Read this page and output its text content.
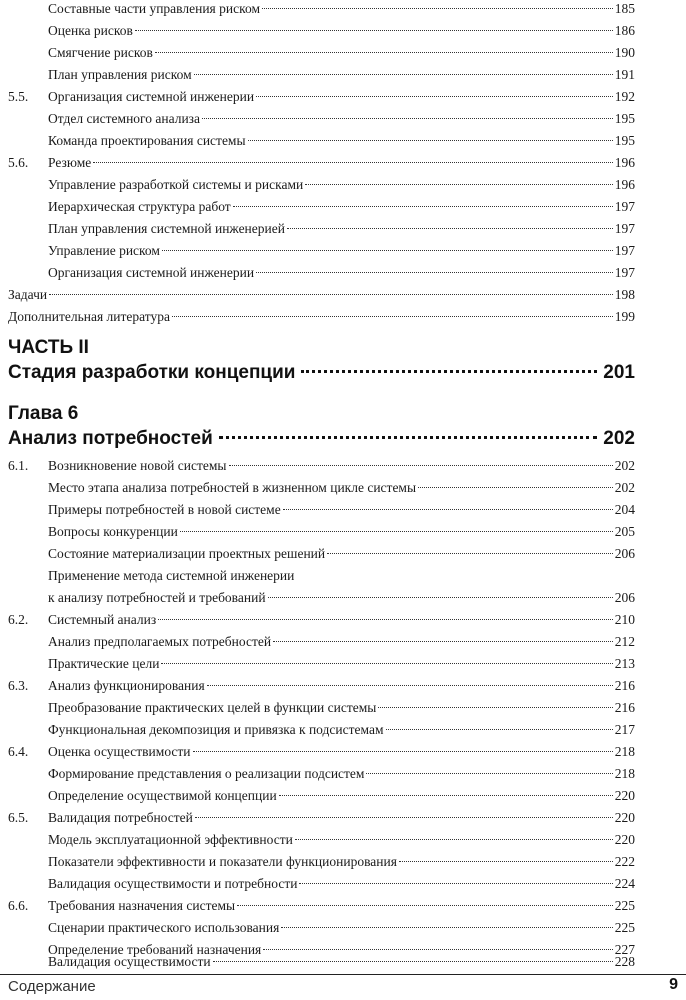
Составные части управления риском	185
Оценка рисков	186
Смягчение рисков	190
План управления риском	191
5.5. Организация системной инженерии	192
Отдел системного анализа	195
Команда проектирования системы	195
5.6. Резюме	196
Управление разработкой системы и рисками	196
Иерархическая структура работ	197
План управления системной инженерией	197
Управление риском	197
Организация системной инженерии	197
Задачи	198
Дополнительная литература	199
ЧАСТЬ II
Стадия разработки концепции	201
Глава 6
Анализ потребностей	202
6.1. Возникновение новой системы	202
Место этапа анализа потребностей в жизненном цикле системы	202
Примеры потребностей в новой системе	204
Вопросы конкуренции	205
Состояние материализации проектных решений	206
Применение метода системной инженерии
к анализу потребностей и требований	206
6.2. Системный анализ	210
Анализ предполагаемых потребностей	212
Практические цели	213
6.3. Анализ функционирования	216
Преобразование практических целей в функции системы	216
Функциональная декомпозиция и привязка к подсистемам	217
6.4. Оценка осуществимости	218
Формирование представления о реализации подсистем	218
Определение осуществимой концепции	220
6.5. Валидация потребностей	220
Модель эксплуатационной эффективности	220
Показатели эффективности и показатели функционирования	222
Валидация осуществимости и потребности	224
6.6. Требования назначения системы	225
Сценарии практического использования	225
Определение требований назначения	227
Валидация осуществимости	228
Содержание	9
